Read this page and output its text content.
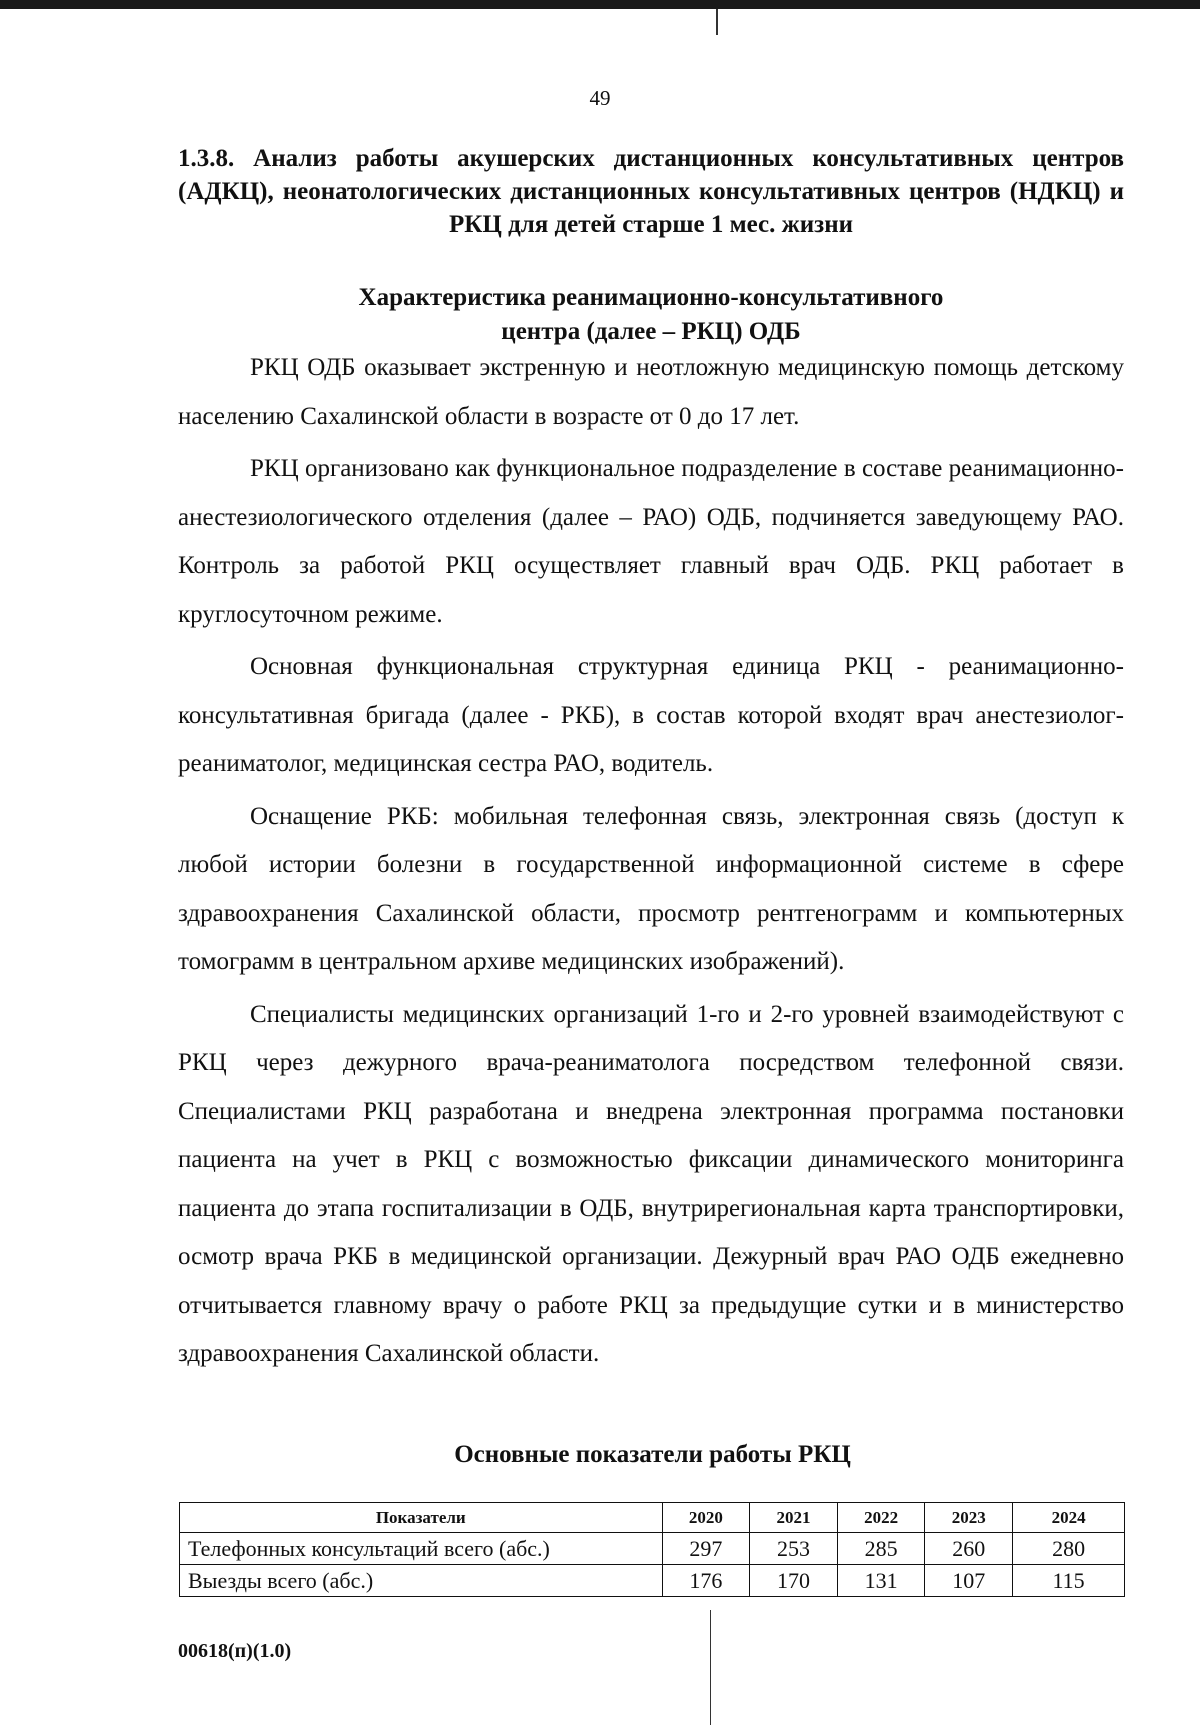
49
1.3.8. Анализ работы акушерских дистанционных консультативных центров (АДКЦ), неонатологических дистанционных консультативных центров (НДКЦ) и РКЦ для детей старше 1 мес. жизни
Характеристика реанимационно-консультативного
центра (далее – РКЦ) ОДБ

РКЦ ОДБ оказывает экстренную и неотложную медицинскую помощь детскому населению Сахалинской области в возрасте от 0 до 17 лет.

РКЦ организовано как функциональное подразделение в составе реанимационно-анестезиологического отделения (далее – РАО) ОДБ, подчиняется заведующему РАО. Контроль за работой РКЦ осуществляет главный врач ОДБ. РКЦ работает в круглосуточном режиме.

Основная функциональная структурная единица РКЦ - реанимационно-консультативная бригада (далее - РКБ), в состав которой входят врач анестезиолог-реаниматолог, медицинская сестра РАО, водитель.

Оснащение РКБ: мобильная телефонная связь, электронная связь (доступ к любой истории болезни в государственной информационной системе в сфере здравоохранения Сахалинской области, просмотр рентгенограмм и компьютерных томограмм в центральном архиве медицинских изображений).

Специалисты медицинских организаций 1-го и 2-го уровней взаимодействуют с РКЦ через дежурного врача-реаниматолога посредством телефонной связи. Специалистами РКЦ разработана и внедрена электронная программа постановки пациента на учет в РКЦ с возможностью фиксации динамического мониторинга пациента до этапа госпитализации в ОДБ, внутрирегиональная карта транспортировки, осмотр врача РКБ в медицинской организации. Дежурный врач РАО ОДБ ежедневно отчитывается главному врачу о работе РКЦ за предыдущие сутки и в министерство здравоохранения Сахалинской области.

Основные показатели работы РКЦ
Показатели	2020	2021	2022	2023	2024
Телефонных консультаций всего (абс.)	297	253	285	260	280
Выезды всего (абс.)	176	170	131	107	115
00618(п)(1.0)
